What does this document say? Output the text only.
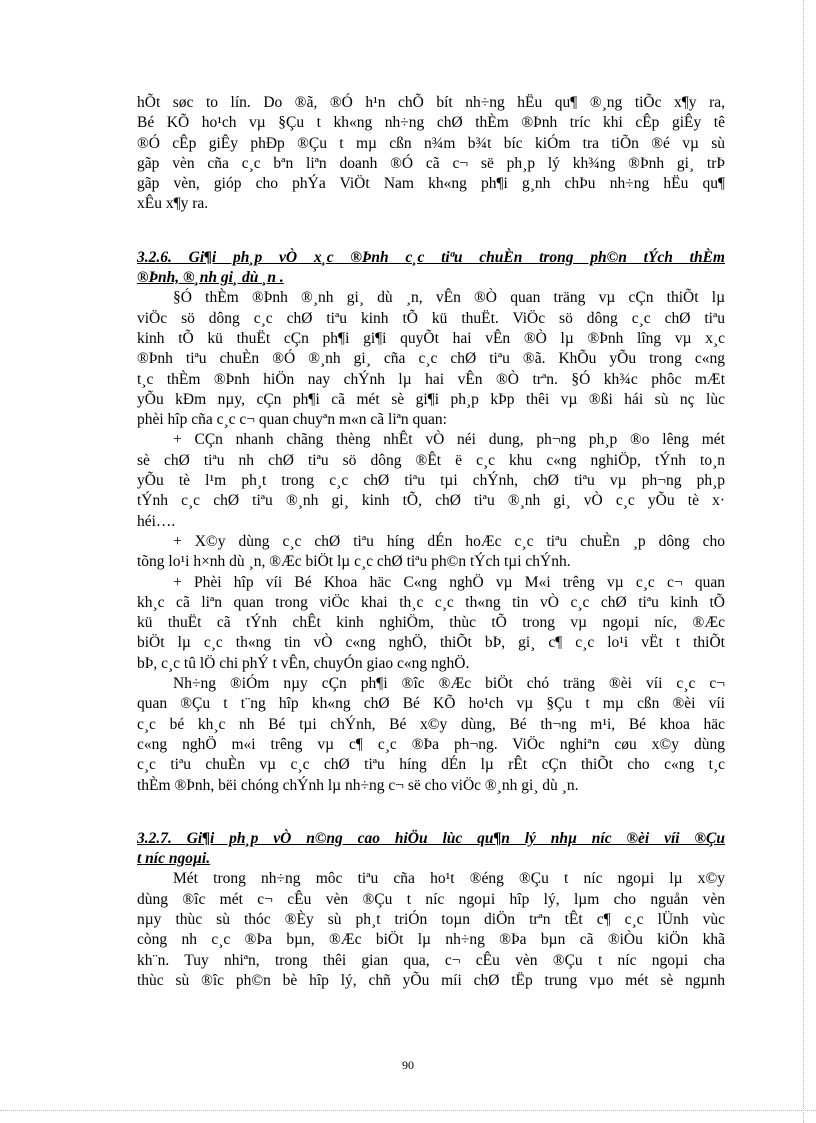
hÕt søc to lín. Do ®ã, ®Ó h¹n chÕ bít nh÷ng hËu qu¶ ®¸ng tiÕc x¶y ra,
Bé KÕ ho¹ch vµ §Çu t kh«ng nh÷ng chØ thÈm ®Þnh tríc khi cÊp giÊy tê
®Ó cÊp giÊy phÐp ®Çu t mµ cßn n¾m b¾t bíc kiÓm tra tiÕn ®é vµ sù
gãp vèn cña c¸c bªn liªn doanh ®Ó cã c¬ së ph¸p lý kh¾ng ®Þnh gi¸ trÞ
gãp vèn, gióp cho phÝa ViÖt Nam kh«ng ph¶i g¸nh chÞu nh÷ng hËu qu¶
xÊu x¶y ra.
3.2.6. Gi¶i ph¸p vÒ x¸c ®Þnh c¸c tiªu chuÈn trong ph©n tÝch thÈm
®Þnh, ®¸nh gi¸ dù ¸n .
§Ó thÈm ®Þnh ®¸nh gi¸ dù ¸n, vÊn ®Ò quan träng vµ cÇn thiÕt lµ
viÖc sö dông c¸c chØ tiªu kinh tÕ kü thuËt. ViÖc sö dông c¸c chØ tiªu
kinh tÕ kü thuËt cÇn ph¶i gi¶i quyÕt hai vÊn ®Ò lµ ®Þnh lîng vµ x¸c
®Þnh tiªu chuÈn ®Ó ®¸nh gi¸ cña c¸c chØ tiªu ®ã. KhÕu yÕu trong c«ng
t¸c thÈm ®Þnh hiÖn nay chÝnh lµ hai vÊn ®Ò trªn. §Ó kh¾c phôc mÆt
yÕu kÐm nµy, cÇn ph¶i cã mét sè gi¶i ph¸p kÞp thêi vµ ®ßi hái sù nç lùc
phèi hîp cña c¸c c¬ quan chuyªn m«n cã liªn quan:
+ CÇn nhanh chãng thèng nhÊt vÒ néi dung, ph¬ng ph¸p ®o lêng mét
sè chØ tiªu nh chØ tiªu sö dông ®Êt ë c¸c khu c«ng nghiÖp, tÝnh to¸n
yÕu tè l¹m ph¸t trong c¸c chØ tiªu tµi chÝnh, chØ tiªu vµ ph¬ng ph¸p
tÝnh c¸c chØ tiªu ®¸nh gi¸ kinh tÕ, chØ tiªu ®¸nh gi¸ vÒ c¸c yÕu tè x·
héi….
+ X©y dùng c¸c chØ tiªu híng dÉn hoÆc c¸c tiªu chuÈn ¸p dông cho
tõng lo¹i h×nh dù ¸n, ®Æc biÖt lµ c¸c chØ tiªu ph©n tÝch tµi chÝnh.
+ Phèi hîp víi Bé Khoa häc C«ng nghÖ vµ M«i trêng vµ c¸c c¬ quan
kh¸c cã liªn quan trong viÖc khai th¸c c¸c th«ng tin vÒ c¸c chØ tiªu kinh tÕ
kü thuËt cã tÝnh chÊt kinh nghiÖm, thùc tÕ trong vµ ngoµi níc, ®Æc
biÖt lµ c¸c th«ng tin vÒ c«ng nghÖ, thiÕt bÞ, gi¸ c¶ c¸c lo¹i vËt t thiÕt
bÞ, c¸c tû lÖ chi phÝ t vÊn, chuyÓn giao c«ng nghÖ.
Nh÷ng ®iÓm nµy cÇn ph¶i ®îc ®Æc biÖt chó träng ®èi víi c¸c c¬
quan ®Çu t t¨ng hîp kh«ng chØ Bé KÕ ho¹ch vµ §Çu t mµ cßn ®èi víi
c¸c bé kh¸c nh Bé tµi chÝnh, Bé x©y dùng, Bé th¬ng m¹i, Bé khoa häc
c«ng nghÖ m«i trêng vµ c¶ c¸c ®Þa ph¬ng. ViÖc nghiªn cøu x©y dùng
c¸c tiªu chuÈn vµ c¸c chØ tiªu híng dÉn lµ rÊt cÇn thiÕt cho c«ng t¸c
thÈm ®Þnh, bëi chóng chÝnh lµ nh÷ng c¬ së cho viÖc ®¸nh gi¸ dù ¸n.
3.2.7. Gi¶i ph¸p vÒ n©ng cao hiÖu lùc qu¶n lý nhµ níc ®èi víi ®Çu
t níc ngoµi.
Mét trong nh÷ng môc tiªu cña ho¹t ®éng ®Çu t níc ngoµi lµ x©y
dùng ®îc mét c¬ cÊu vèn ®Çu t níc ngoµi hîp lý, lµm cho nguån vèn
nµy thùc sù thóc ®Èy sù ph¸t triÓn toµn diÖn trªn tÊt c¶ c¸c lÜnh vùc
còng nh c¸c ®Þa bµn, ®Æc biÖt lµ nh÷ng ®Þa bµn cã ®iÒu kiÖn khã
kh¨n. Tuy nhiªn, trong thêi gian qua, c¬ cÊu vèn ®Çu t níc ngoµi cha
thùc sù ®îc ph©n bè hîp lý, chñ yÕu míi chØ tËp trung vµo mét sè ngµnh
90
